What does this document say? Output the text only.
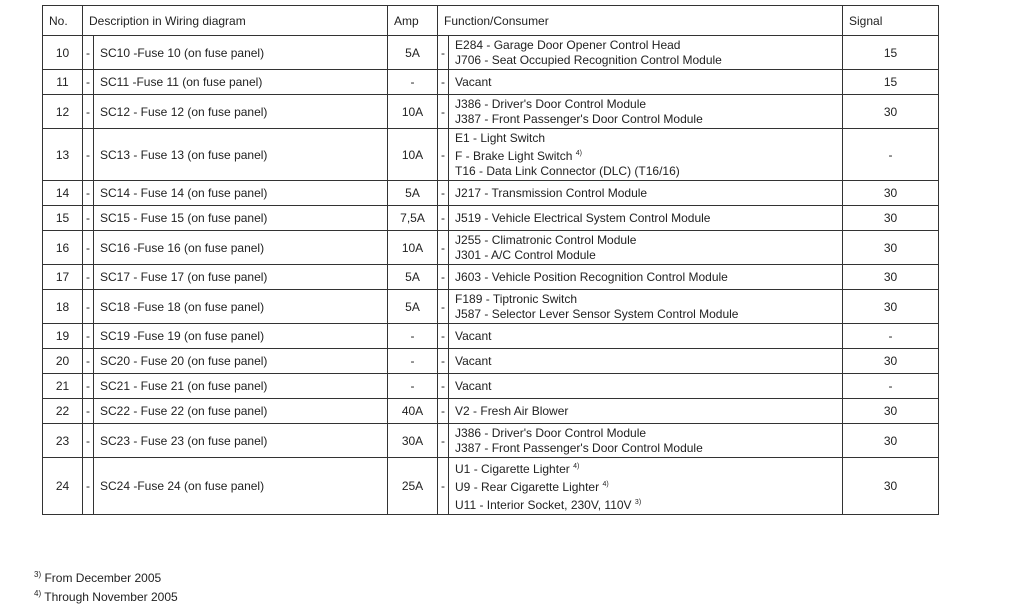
No.	Description in Wiring diagram		Amp	Function/Consumer		Signal
10	-	SC10 -Fuse 10 (on fuse panel)	5A	-	E284 - Garage Door Opener Control Head
J706 - Seat Occupied Recognition Control Module	15
11	-	SC11 -Fuse 11 (on fuse panel)	-	-	Vacant	15
12	-	SC12 - Fuse 12 (on fuse panel)	10A	-	J386 - Driver's Door Control Module
J387 - Front Passenger's Door Control Module	30
13	-	SC13 - Fuse 13 (on fuse panel)	10A	-	E1 - Light Switch
F - Brake Light Switch $^{4)}$
T16 - Data Link Connector (DLC) (T16/16)	-
14	-	SC14 - Fuse 14 (on fuse panel)	5A	-	J217 - Transmission Control Module	30
15	-	SC15 - Fuse 15 (on fuse panel)	7,5A	-	J519 - Vehicle Electrical System Control Module	30
16	-	SC16 -Fuse 16 (on fuse panel)	10A	-	J255 - Climatronic Control Module
J301 - A/C Control Module	30
17	-	SC17 - Fuse 17 (on fuse panel)	5A	-	J603 - Vehicle Position Recognition Control Module	30
18	-	SC18 -Fuse 18 (on fuse panel)	5A	-	F189 - Tiptronic Switch
J587 - Selector Lever Sensor System Control Module	30
19	-	SC19 -Fuse 19 (on fuse panel)	-	-	Vacant	-
20	-	SC20 - Fuse 20 (on fuse panel)	-	-	Vacant	30
21	-	SC21 - Fuse 21 (on fuse panel)	-	-	Vacant	-
22	-	SC22 - Fuse 22 (on fuse panel)	40A	-	V2 - Fresh Air Blower	30
23	-	SC23 - Fuse 23 (on fuse panel)	30A	-	J386 - Driver's Door Control Module
J387 - Front Passenger's Door Control Module	30
24	-	SC24 -Fuse 24 (on fuse panel)	25A	-	U1 - Cigarette Lighter $^{4)}$
U9 - Rear Cigarette Lighter $^{4)}$
U11 - Interior Socket, 230V, 110V $^{3)}$	30
$^{3)}$ From December 2005
$^{4)}$ Through November 2005
